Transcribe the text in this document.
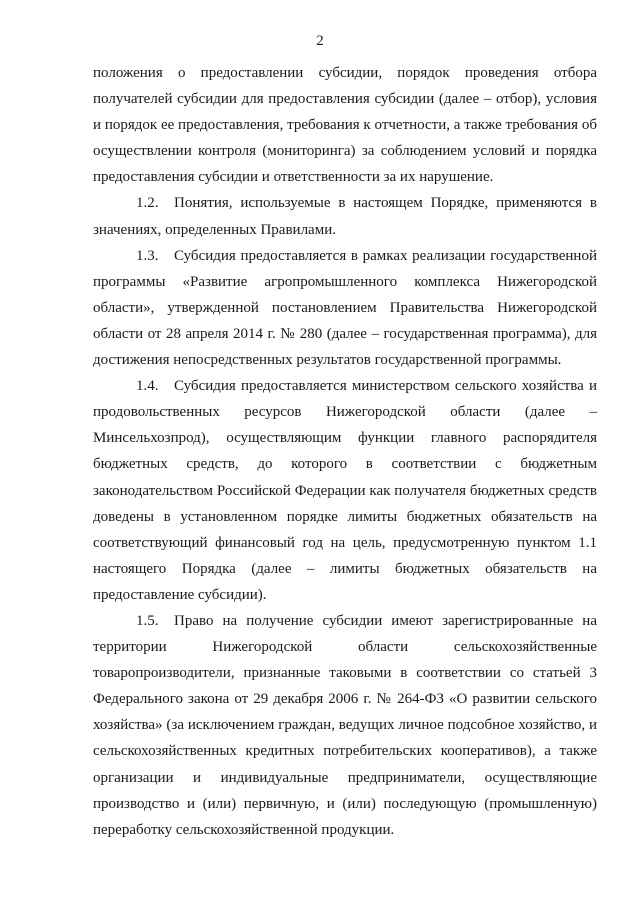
2

положения о предоставлении субсидии, порядок проведения отбора получателей субсидии для предоставления субсидии (далее – отбор), условия и порядок ее предоставления, требования к отчетности, а также требования об осуществлении контроля (мониторинга) за соблюдением условий и порядка предоставления субсидии и ответственности за их нарушение.

1.2. Понятия, используемые в настоящем Порядке, применяются в значениях, определенных Правилами.

1.3. Субсидия предоставляется в рамках реализации государственной программы «Развитие агропромышленного комплекса Нижегородской области», утвержденной постановлением Правительства Нижегородской области от 28 апреля 2014 г. № 280 (далее – государственная программа), для достижения непосредственных результатов государственной программы.

1.4. Субсидия предоставляется министерством сельского хозяйства и продовольственных ресурсов Нижегородской области (далее – Минсельхозпрод), осуществляющим функции главного распорядителя бюджетных средств, до которого в соответствии с бюджетным законодательством Российской Федерации как получателя бюджетных средств доведены в установленном порядке лимиты бюджетных обязательств на соответствующий финансовый год на цель, предусмотренную пунктом 1.1 настоящего Порядка (далее – лимиты бюджетных обязательств на предоставление субсидии).

1.5. Право на получение субсидии имеют зарегистрированные на территории Нижегородской области сельскохозяйственные товаропроизводители, признанные таковыми в соответствии со статьей 3 Федерального закона от 29 декабря 2006 г. № 264-ФЗ «О развитии сельского хозяйства» (за исключением граждан, ведущих личное подсобное хозяйство, и сельскохозяйственных кредитных потребительских кооперативов), а также организации и индивидуальные предприниматели, осуществляющие производство и (или) первичную, и (или) последующую (промышленную) переработку сельскохозяйственной продукции.
